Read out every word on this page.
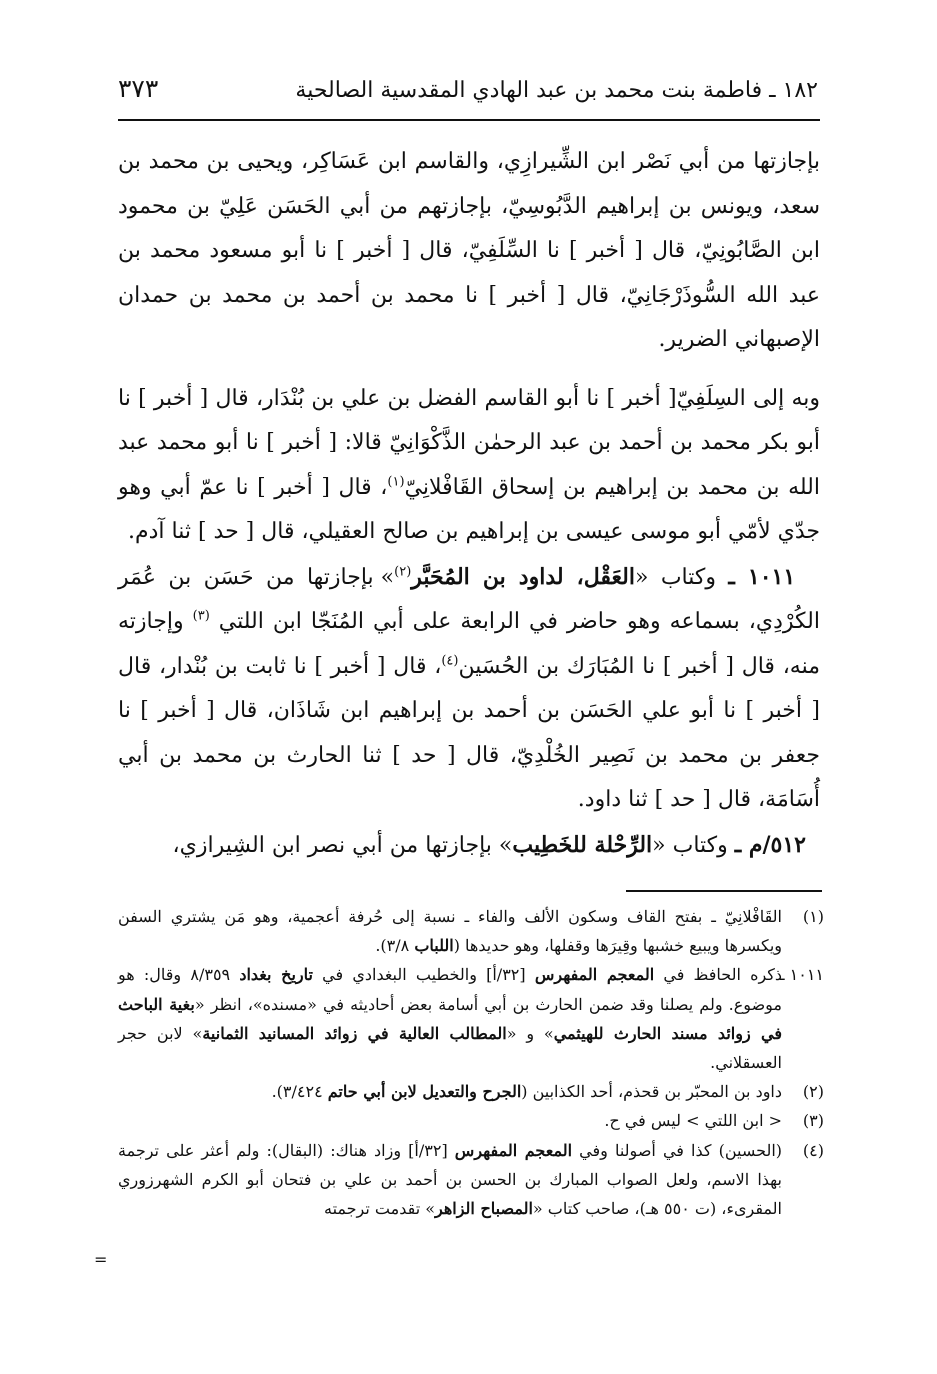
١٨٢ ـ فاطمة بنت محمد بن عبد الهادي المقدسية الصالحية
٣٧٣

بإجازتها من أبي نَصْر ابن الشِّيرازِي، والقاسم ابن عَسَاكِر، ويحيى بن محمد بن سعد، ويونس بن إبراهيم الدَّبُوسِيّ، بإجازتهم من أبي الحَسَن عَلِيّ بن محمود ابن الصَّابُونِيّ، قال [ أخبر ] نا السِّلَفِيّ، قال [ أخبر ] نا أبو مسعود محمد بن عبد الله السُّوذَرْجَانِيّ، قال [ أخبر ] نا محمد بن أحمد بن محمد بن حمدان الإصبهاني الضرير.

وبه إلى السِلَفِيّ[ أخبر ] نا أبو القاسم الفضل بن علي بن بُنْدَار، قال [ أخبر ] نا أبو بكر محمد بن أحمد بن عبد الرحمٰن الذَّكْوَانِيّ قالا: [ أخبر ] نا أبو محمد عبد الله بن محمد بن إبراهيم بن إسحاق القَافْلانِيّ$^{(١)}$، قال [ أخبر ] نا عمّ أبي وهو جدّي لأمّي أبو موسى عيسى بن إبراهيم بن صالح العقيلي، قال [ حد ] ثنا آدم.

١٠١١ ـ وكتاب «العَقْل، لداود بن المُحَبَّر$^{(٢)}$» بإجازتها من حَسَن بن عُمَر الكُرْدِي، بسماعه وهو حاضر في الرابعة على أبي المُنَجّا ابن اللتي $^{(٣)}$ وإجازته منه، قال [ أخبر ] نا المُبَارَك بن الحُسَين$^{(٤)}$، قال [ أخبر ] نا ثابت بن بُنْدار، قال [ أخبر ] نا أبو علي الحَسَن بن أحمد بن إبراهيم ابن شَاذَان، قال [ أخبر ] نا جعفر بن محمد بن نَصِير الخُلْدِيّ، قال [ حد ] ثنا الحارث بن محمد بن أبي أُسَامَة، قال [ حد ] ثنا داود.

٥١٢/م ـ وكتاب «الرِّحْلة للخَطِيب» بإجازتها من أبي نصر ابن الشِيرازي،

(١)
القَافْلانِيّ ـ بفتح القاف وسكون الألف والفاء ـ نسبة إلى حُرفة أعجمية، وهو مَن يشتري السفن ويكسرها ويبيع خشبها وقِيرَها وقفلها، وهو حديدها (اللباب ٣/٨).

١٠١١ ـ
ذكره الحافظ في المعجم المفهرس [٣٢/أ] والخطيب البغدادي في تاريخ بغداد ٨/٣٥٩ وقال: هو موضوع. ولم يصلنا وقد ضمن الحارث بن أبي أسامة بعض أحاديثه في «مسنده»، انظر «بغية الباحث في زوائد مسند الحارث للهيثمي» و «المطالب العالية في زوائد المسانيد الثمانية» لابن حجر العسقلاني.

(٢)
داود بن المحبّر بن قحذم، أحد الكذابين (الجرح والتعديل لابن أبي حاتم ٣/٤٢٤).

(٣)
< ابن اللتي > ليس في ح.

(٤)
(الحسين) كذا في أصولنا وفي المعجم المفهرس [٣٢/أ] وزاد هناك: (البقال): ولم أعثر على ترجمة بهذا الاسم، ولعل الصواب المبارك بن الحسن بن أحمد بن علي بن فتحان أبو الكرم الشهرزوري المقرىء، (ت ٥٥٠ هـ)، صاحب كتاب «المصباح الزاهر» تقدمت ترجمته

=
